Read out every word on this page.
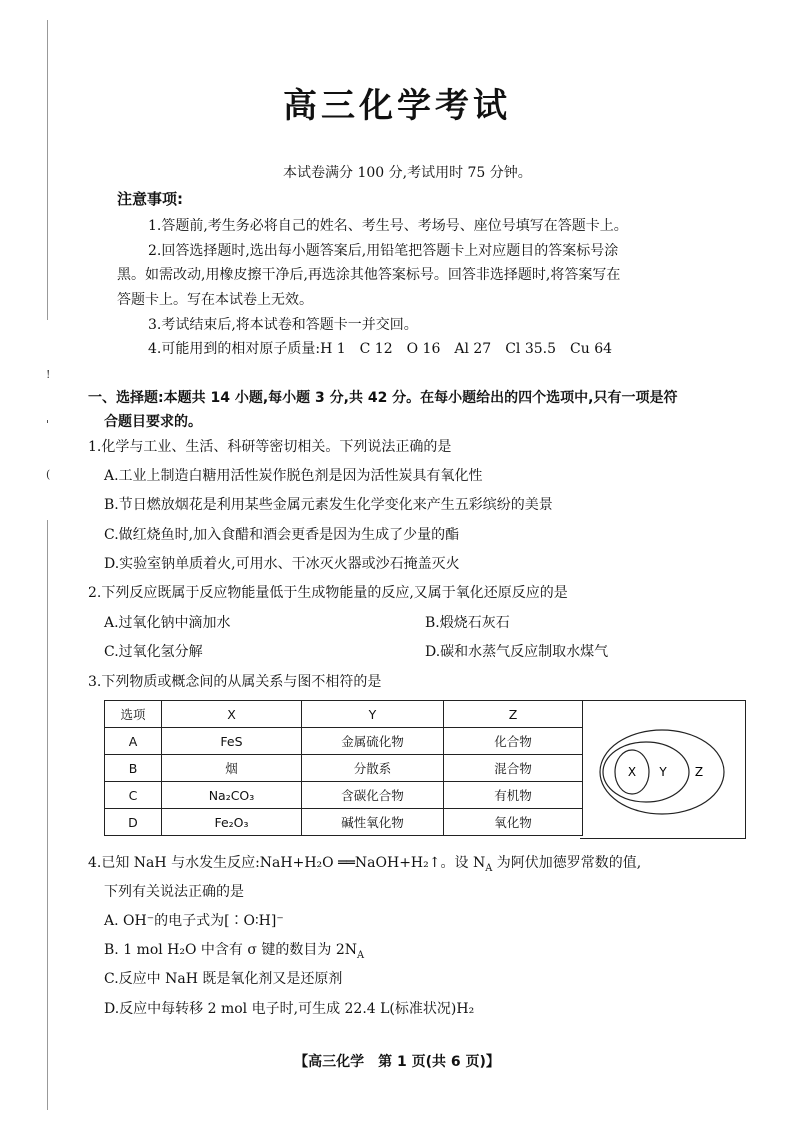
!
'
(
高三化学考试
本试卷满分 100 分,考试用时 75 分钟。
注意事项:
1.答题前,考生务必将自己的姓名、考生号、考场号、座位号填写在答题卡上。
2.回答选择题时,选出每小题答案后,用铅笔把答题卡上对应题目的答案标号涂
黑。如需改动,用橡皮擦干净后,再选涂其他答案标号。回答非选择题时,将答案写在
答题卡上。写在本试卷上无效。
3.考试结束后,将本试卷和答题卡一并交回。
4.可能用到的相对原子质量:H 1　C 12　O 16　Al 27　Cl 35.5　Cu 64
一、选择题:本题共 14 小题,每小题 3 分,共 42 分。在每小题给出的四个选项中,只有一项是符
合题目要求的。
1.化学与工业、生活、科研等密切相关。下列说法正确的是
A.工业上制造白糖用活性炭作脱色剂是因为活性炭具有氧化性
B.节日燃放烟花是利用某些金属元素发生化学变化来产生五彩缤纷的美景
C.做红烧鱼时,加入食醋和酒会更香是因为生成了少量的酯
D.实验室钠单质着火,可用水、干冰灭火器或沙石掩盖灭火
2.下列反应既属于反应物能量低于生成物能量的反应,又属于氧化还原反应的是
A.过氧化钠中滴加水	B.煅烧石灰石
C.过氧化氢分解	D.碳和水蒸气反应制取水煤气
3.下列物质或概念间的从属关系与图不相符的是
选项	X	Y	Z
A	FeS	金属硫化物	化合物
B	烟	分散系	混合物
C	Na₂CO₃	含碳化合物	有机物
D	Fe₂O₃	碱性氧化物	氧化物
X Y Z
4.已知 NaH 与水发生反应:NaH+H₂O ══NaOH+H₂↑。设 $N_A$ 为阿伏加德罗常数的值,
下列有关说法正确的是
A. OH⁻的电子式为[∶O∶H]⁻
B. 1 mol H₂O 中含有 σ 键的数目为 $2N_A$
C.反应中 NaH 既是氧化剂又是还原剂
D.反应中每转移 2 mol 电子时,可生成 22.4 L(标准状况)H₂
【高三化学　第 1 页(共 6 页)】
